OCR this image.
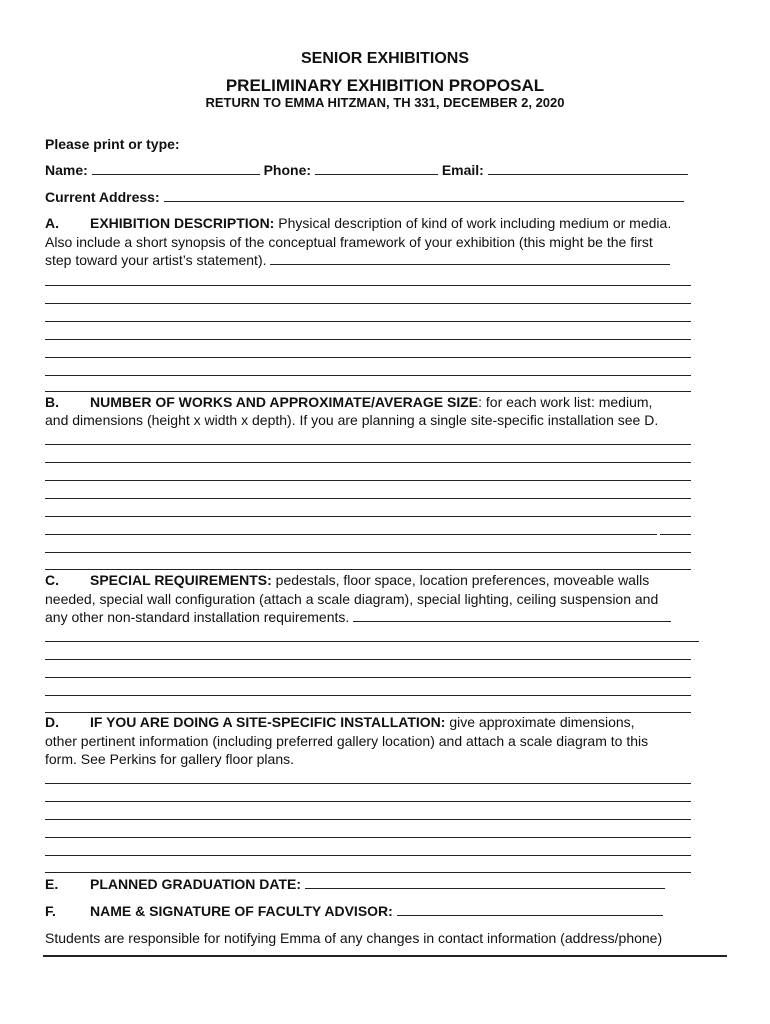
SENIOR EXHIBITIONS
PRELIMINARY EXHIBITION PROPOSAL
RETURN TO EMMA HITZMAN, TH 331, DECEMBER 2, 2020
Please print or type:
Name:	Phone:	Email:
Current Address:
A. EXHIBITION DESCRIPTION: Physical description of kind of work including medium or media.
Also include a short synopsis of the conceptual framework of your exhibition (this might be the first
step toward your artist’s statement).
B. NUMBER OF WORKS AND APPROXIMATE/AVERAGE SIZE: for each work list: medium,
and dimensions (height x width x depth). If you are planning a single site-specific installation see D.
C. SPECIAL REQUIREMENTS: pedestals, floor space, location preferences, moveable walls
needed, special wall configuration (attach a scale diagram), special lighting, ceiling suspension and
any other non-standard installation requirements.
D. IF YOU ARE DOING A SITE-SPECIFIC INSTALLATION: give approximate dimensions,
other pertinent information (including preferred gallery location) and attach a scale diagram to this
form. See Perkins for gallery floor plans.
E. PLANNED GRADUATION DATE:
F. NAME & SIGNATURE OF FACULTY ADVISOR:
Students are responsible for notifying Emma of any changes in contact information (address/phone)
